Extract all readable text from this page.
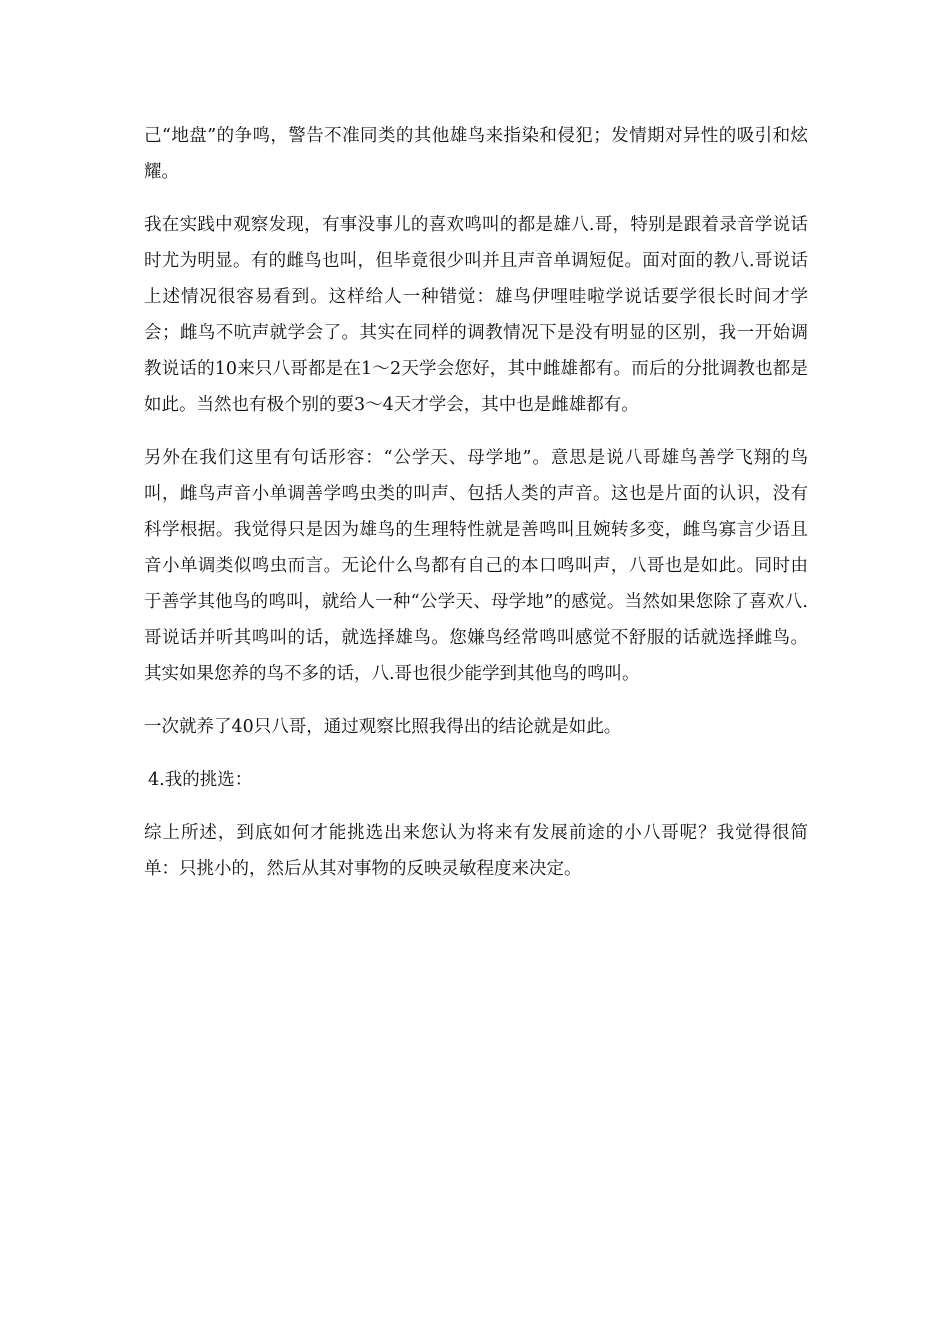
己“地盘”的争鸣，警告不准同类的其他雄鸟来指染和侵犯；发情期对异性的吸引和炫耀。

我在实践中观察发现，有事没事儿的喜欢鸣叫的都是雄八.哥，特别是跟着录音学说话时尤为明显。有的雌鸟也叫，但毕竟很少叫并且声音单调短促。面对面的教八.哥说话上述情况很容易看到。这样给人一种错觉：雄鸟伊哩哇啦学说话要学很长时间才学会；雌鸟不吭声就学会了。其实在同样的调教情况下是没有明显的区别，我一开始调教说话的10来只八哥都是在1～2天学会您好，其中雌雄都有。而后的分批调教也都是如此。当然也有极个别的要3～4天才学会，其中也是雌雄都有。

另外在我们这里有句话形容：“公学天、母学地”。意思是说八哥雄鸟善学飞翔的鸟叫，雌鸟声音小单调善学鸣虫类的叫声、包括人类的声音。这也是片面的认识，没有科学根据。我觉得只是因为雄鸟的生理特性就是善鸣叫且婉转多变，雌鸟寡言少语且音小单调类似鸣虫而言。无论什么鸟都有自己的本口鸣叫声，八哥也是如此。同时由于善学其他鸟的鸣叫，就给人一种“公学天、母学地”的感觉。当然如果您除了喜欢八.哥说话并听其鸣叫的话，就选择雄鸟。您嫌鸟经常鸣叫感觉不舒服的话就选择雌鸟。其实如果您养的鸟不多的话，八.哥也很少能学到其他鸟的鸣叫。

一次就养了40只八哥，通过观察比照我得出的结论就是如此。

4.我的挑选：

综上所述，到底如何才能挑选出来您认为将来有发展前途的小八哥呢？我觉得很简单：只挑小的，然后从其对事物的反映灵敏程度来决定。
